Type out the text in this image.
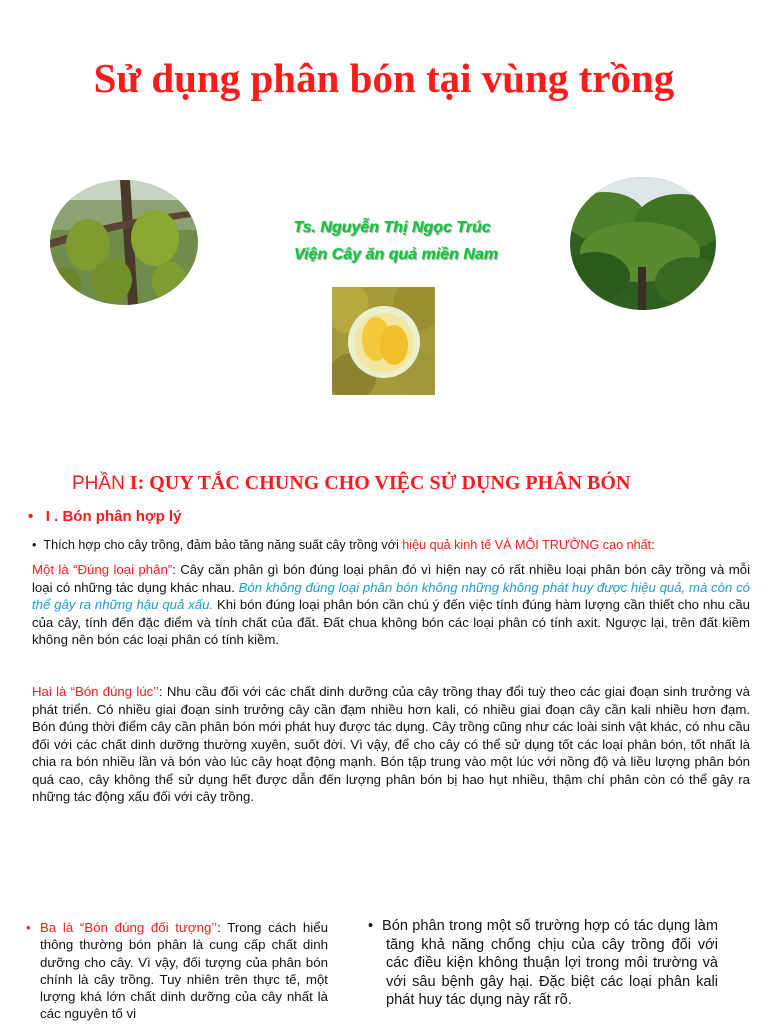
Sử dụng phân bón tại vùng trồng
Ts. Nguyễn Thị Ngọc Trúc
Viện Cây ăn quả miền Nam
PHẦN I: QUY TẮC CHUNG CHO VIỆC SỬ DỤNG PHÂN BÓN
• I . Bón phân hợp lý
• Thích hợp cho cây trồng, đảm bảo tăng năng suất cây trồng với hiệu quả kinh tế VÀ MÔI TRƯỜNG cao nhất:
Một là “Đúng loại phân”: Cây cần phân gì bón đúng loại phân đó vì hiện nay có rất nhiều loại phân bón cây trồng và mỗi loại có những tác dụng khác nhau. Bón không đúng loại phân bón không những không phát huy được hiệu quả, mà còn có thể gây ra những hậu quả xấu. Khi bón đúng loại phân bón cần chú ý đến việc tính đúng hàm lượng cần thiết cho nhu cầu của cây, tính đến đặc điểm và tính chất của đất. Đất chua không bón các loại phân có tính axit. Ngược lại, trên đất kiềm không nên bón các loại phân có tính kiềm.
Hai là “Bón đúng lúc’’: Nhu cầu đối với các chất dinh dưỡng của cây trồng thay đổi tuỳ theo các giai đoạn sinh trưởng và phát triển. Có nhiều giai đoạn sinh trưởng cây cần đạm nhiều hơn kali, có nhiều giai đoạn cây cần kali nhiều hơn đạm. Bón đúng thời điểm cây cần phân bón mới phát huy được tác dụng. Cây trồng cũng như các loài sinh vật khác, có nhu cầu đối với các chất dinh dưỡng thường xuyên, suốt đời. Vì vậy, để cho cây có thể sử dụng tốt các loại phân bón, tốt nhất là chia ra bón nhiều lần và bón vào lúc cây hoạt động mạnh. Bón tập trung vào một lúc với nồng độ và liều lượng phân bón quá cao, cây không thể sử dụng hết được dẫn đến lượng phân bón bị hao hụt nhiều, thậm chí phân còn có thể gây ra những tác động xấu đối với cây trồng.
• Ba là “Bón đúng đối tượng’’: Trong cách hiểu thông thường bón phân là cung cấp chất dinh dưỡng cho cây. Vì vậy, đối tượng của phân bón chính là cây trồng. Tuy nhiên trên thực tế, một lượng khá lớn chất dinh dưỡng của cây nhất là các nguyên tố vi
• Bón phân trong một số trường hợp có tác dụng làm tăng khả năng chống chịu của cây trồng đối với các điều kiện không thuận lợi trong môi trường và với sâu bệnh gây hại. Đặc biệt các loại phân kali phát huy tác dụng này rất rõ.
